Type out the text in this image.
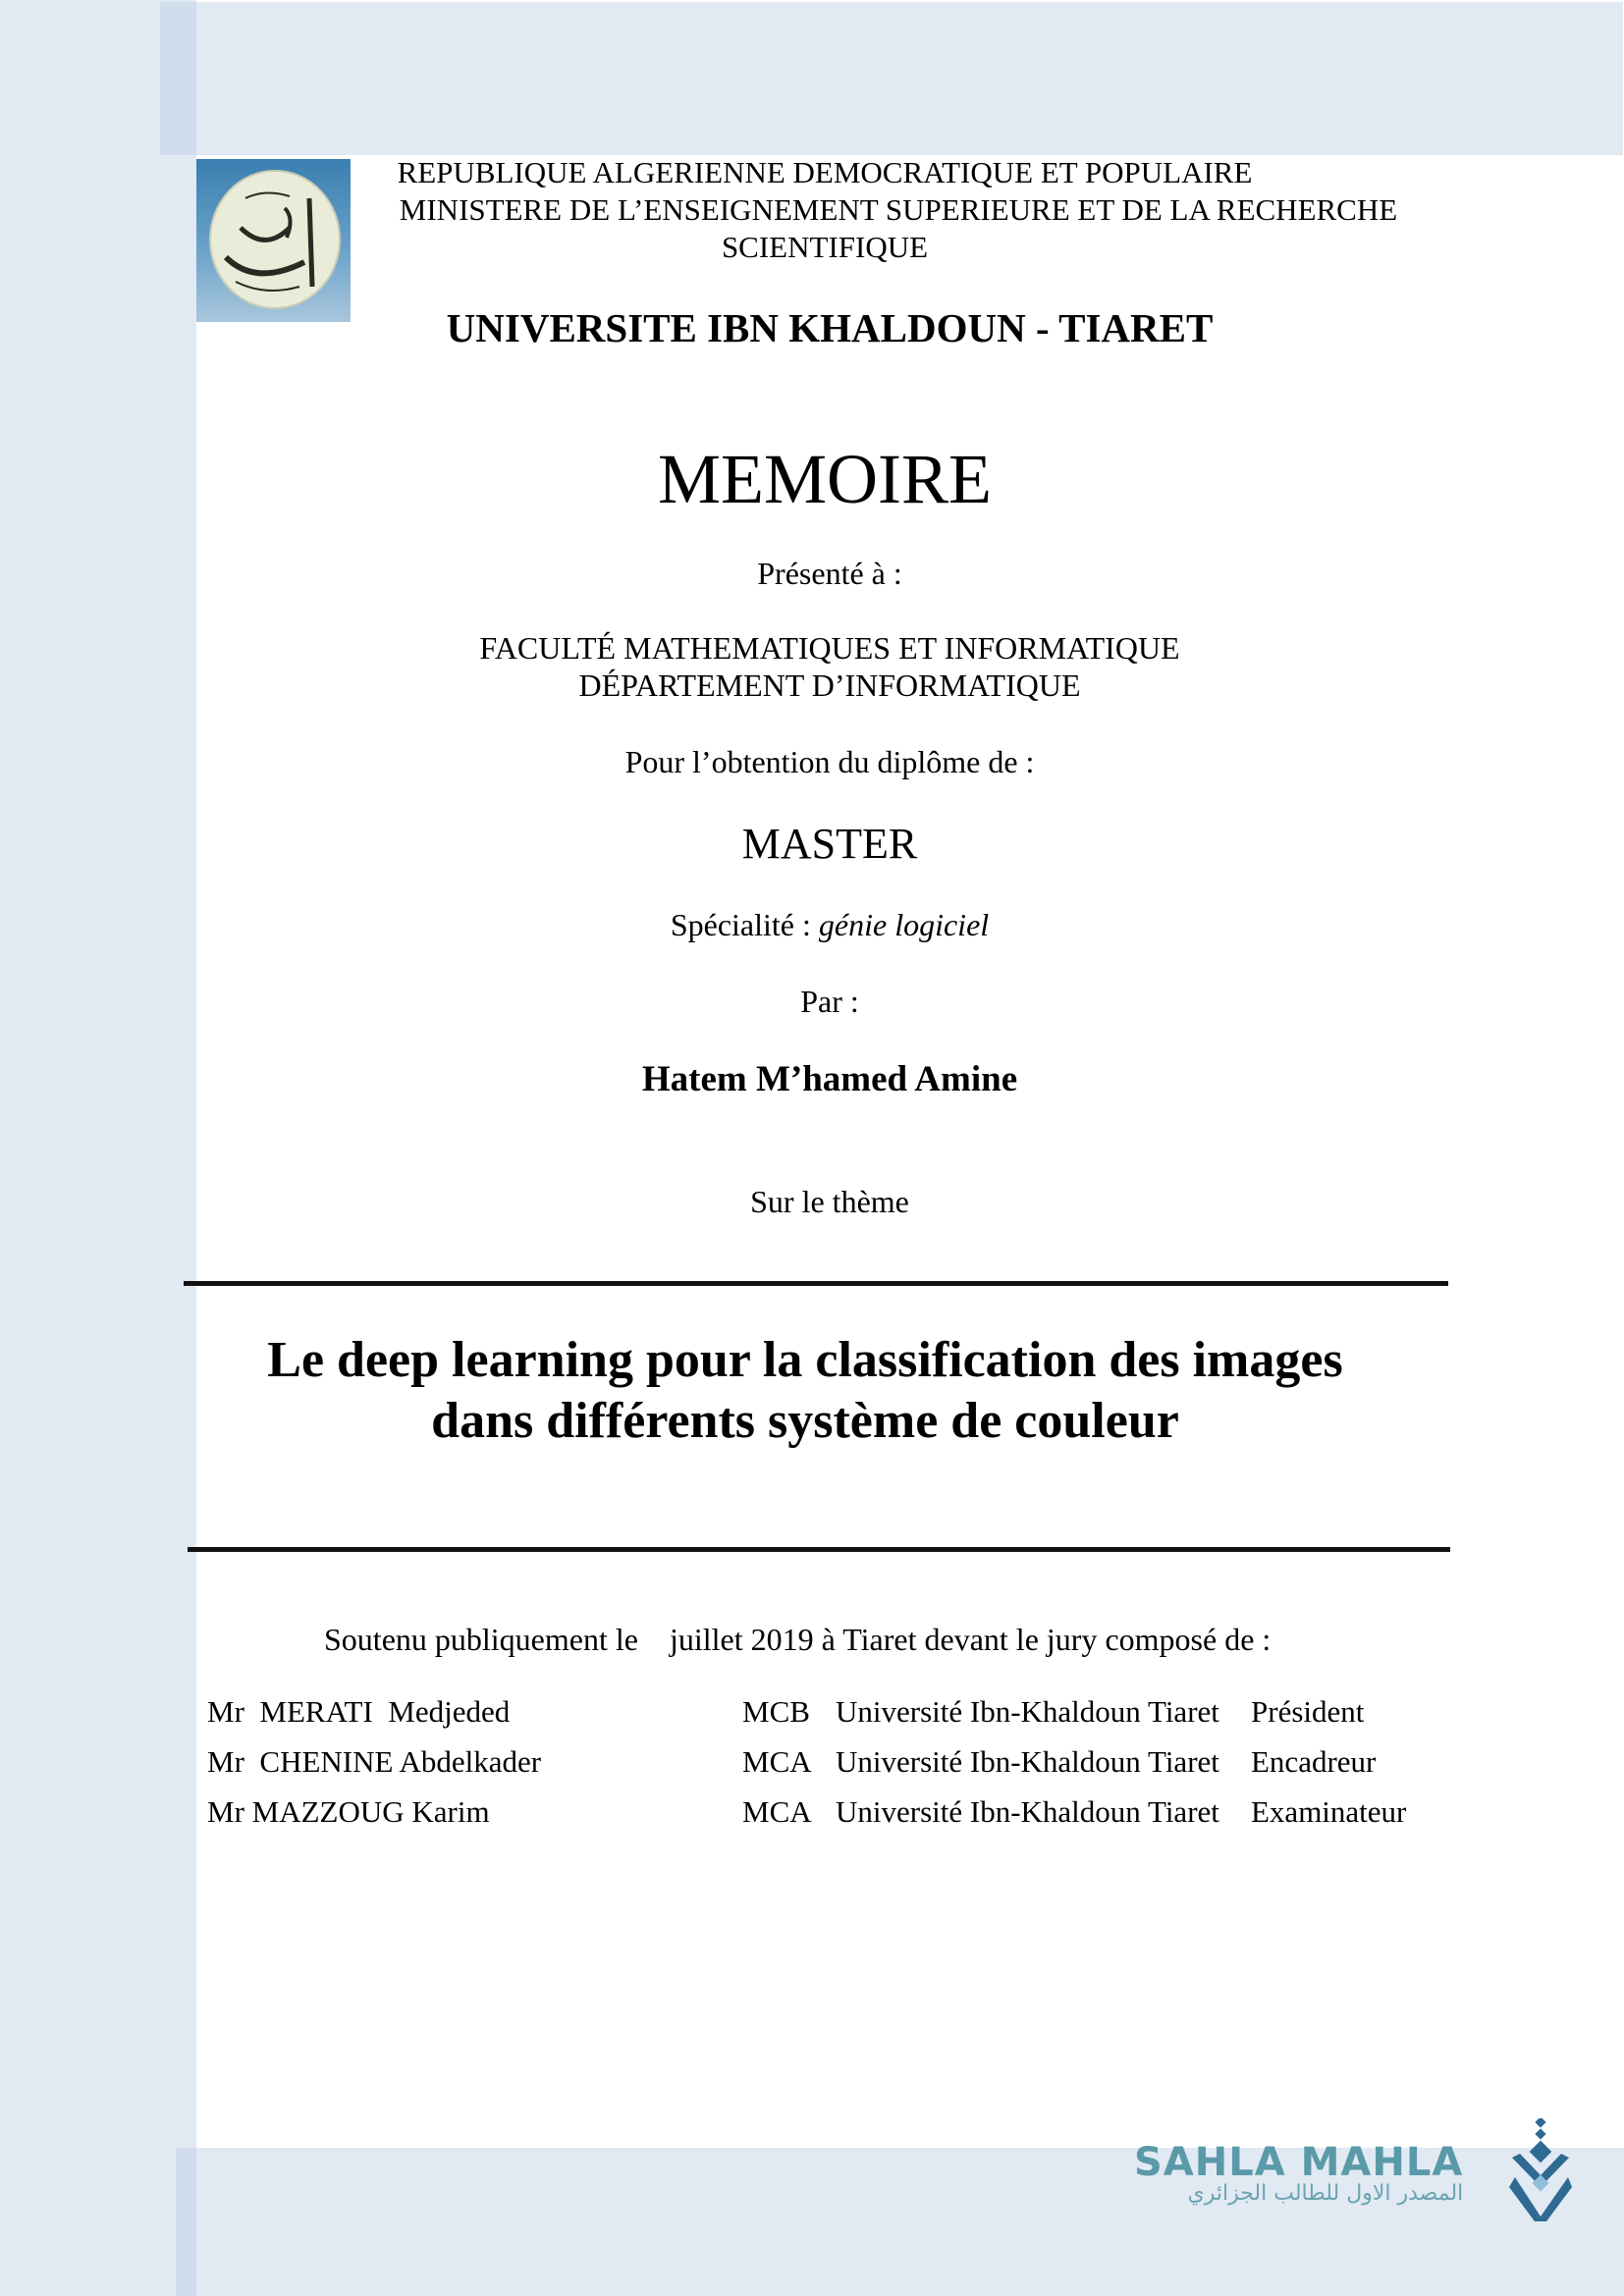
REPUBLIQUE ALGERIENNE DEMOCRATIQUE ET POPULAIRE
MINISTERE DE L’ENSEIGNEMENT SUPERIEURE ET DE LA RECHERCHE
SCIENTIFIQUE
UNIVERSITE IBN KHALDOUN - TIARET
MEMOIRE
Présenté à :
FACULTÉ MATHEMATIQUES ET INFORMATIQUE
DÉPARTEMENT D’INFORMATIQUE
Pour l’obtention du diplôme de :
MASTER
Spécialité : génie logiciel
Par :
Hatem M’hamed Amine
Sur le thème
Le deep learning pour la classification des images
dans différents système de couleur
Soutenu publiquement le    juillet 2019 à Tiaret devant le jury composé de :
Mr  MERATI  Medjeded	MCB Université Ibn-Khaldoun Tiaret Président
Mr  CHENINE Abdelkader	MCA Université Ibn-Khaldoun Tiaret Encadreur
Mr MAZZOUG Karim	MCA Université Ibn-Khaldoun Tiaret Examinateur
SAHLA MAHLA
المصدر الاول للطالب الجزائري
